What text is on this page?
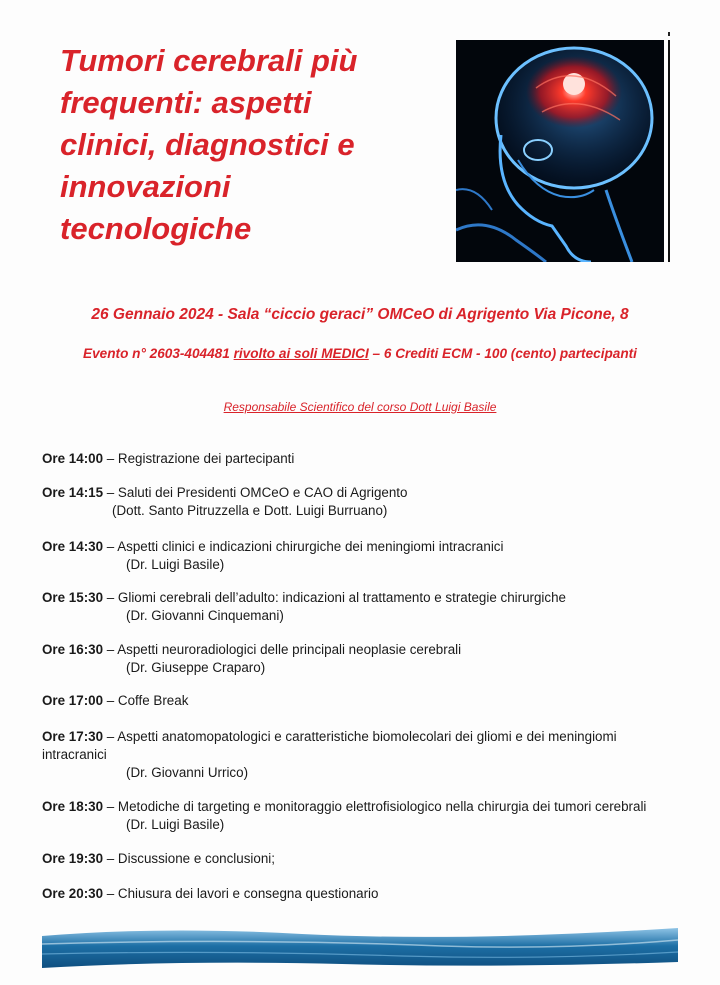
Tumori cerebrali più
frequenti: aspetti
clinici, diagnostici e
innovazioni
tecnologiche

26 Gennaio 2024 - Sala “ciccio geraci” OMCeO di Agrigento Via Picone, 8

Evento n° 2603-404481 rivolto ai soli MEDICI – 6 Crediti ECM - 100 (cento) partecipanti

Responsabile Scientifico del corso Dott Luigi Basile

Ore 14:00 – Registrazione dei partecipanti
Ore 14:15 – Saluti dei Presidenti OMCeO e CAO di Agrigento
(Dott. Santo Pitruzzella e Dott. Luigi Burruano)
Ore 14:30 – Aspetti clinici e indicazioni chirurgiche dei meningiomi intracranici
(Dr. Luigi Basile)
Ore 15:30 – Gliomi cerebrali dell’adulto: indicazioni al trattamento e strategie chirurgiche
(Dr. Giovanni Cinquemani)
Ore 16:30 – Aspetti neuroradiologici delle principali neoplasie cerebrali
(Dr. Giuseppe Craparo)
Ore 17:00 – Coffe Break
Ore 17:30 – Aspetti anatomopatologici e caratteristiche biomolecolari dei gliomi e dei meningiomi intracranici
(Dr. Giovanni Urrico)
Ore 18:30 – Metodiche di targeting e monitoraggio elettrofisiologico nella chirurgia dei tumori cerebrali
(Dr. Luigi Basile)
Ore 19:30 – Discussione e conclusioni;
Ore 20:30 – Chiusura dei lavori e consegna questionario
